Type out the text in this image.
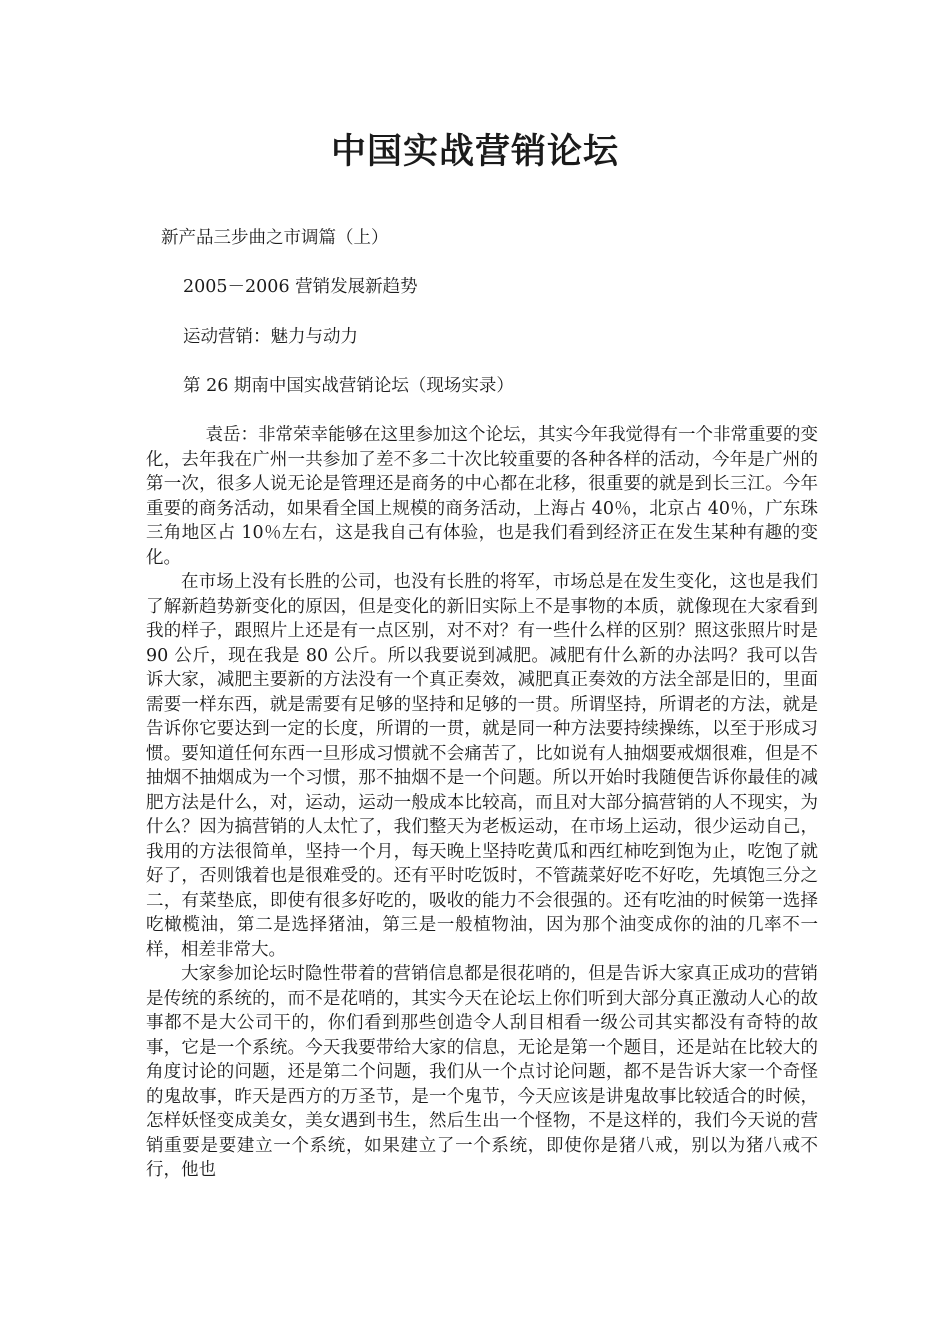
中国实战营销论坛

新产品三步曲之市调篇（上）

2005－2006 营销发展新趋势

运动营销：魅力与动力

第 26 期南中国实战营销论坛（现场实录）

袁岳：非常荣幸能够在这里参加这个论坛，其实今年我觉得有一个非常重要的变化，去年我在广州一共参加了差不多二十次比较重要的各种各样的活动，今年是广州的第一次，很多人说无论是管理还是商务的中心都在北移，很重要的就是到长三江。今年重要的商务活动，如果看全国上规模的商务活动，上海占 40％，北京占 40％，广东珠三角地区占 10％左右，这是我自己有体验，也是我们看到经济正在发生某种有趣的变化。

在市场上没有长胜的公司，也没有长胜的将军，市场总是在发生变化，这也是我们了解新趋势新变化的原因，但是变化的新旧实际上不是事物的本质，就像现在大家看到我的样子，跟照片上还是有一点区别，对不对？有一些什么样的区别？照这张照片时是 90 公斤，现在我是 80 公斤。所以我要说到减肥。减肥有什么新的办法吗？我可以告诉大家，减肥主要新的方法没有一个真正奏效，减肥真正奏效的方法全部是旧的，里面需要一样东西，就是需要有足够的坚持和足够的一贯。所谓坚持，所谓老的方法，就是告诉你它要达到一定的长度，所谓的一贯，就是同一种方法要持续操练，以至于形成习惯。要知道任何东西一旦形成习惯就不会痛苦了，比如说有人抽烟要戒烟很难，但是不抽烟不抽烟成为一个习惯，那不抽烟不是一个问题。所以开始时我随便告诉你最佳的减肥方法是什么，对，运动，运动一般成本比较高，而且对大部分搞营销的人不现实，为什么？因为搞营销的人太忙了，我们整天为老板运动，在市场上运动，很少运动自己，我用的方法很简单，坚持一个月，每天晚上坚持吃黄瓜和西红柿吃到饱为止，吃饱了就好了，否则饿着也是很难受的。还有平时吃饭时，不管蔬菜好吃不好吃，先填饱三分之二，有菜垫底，即使有很多好吃的，吸收的能力不会很强的。还有吃油的时候第一选择吃橄榄油，第二是选择猪油，第三是一般植物油，因为那个油变成你的油的几率不一样，相差非常大。

大家参加论坛时隐性带着的营销信息都是很花哨的，但是告诉大家真正成功的营销是传统的系统的，而不是花哨的，其实今天在论坛上你们听到大部分真正激动人心的故事都不是大公司干的，你们看到那些创造令人刮目相看一级公司其实都没有奇特的故事，它是一个系统。今天我要带给大家的信息，无论是第一个题目，还是站在比较大的角度讨论的问题，还是第二个问题，我们从一个点讨论问题，都不是告诉大家一个奇怪的鬼故事，昨天是西方的万圣节，是一个鬼节，今天应该是讲鬼故事比较适合的时候，怎样妖怪变成美女，美女遇到书生，然后生出一个怪物，不是这样的，我们今天说的营销重要是要建立一个系统，如果建立了一个系统，即使你是猪八戒，别以为猪八戒不行，他也
